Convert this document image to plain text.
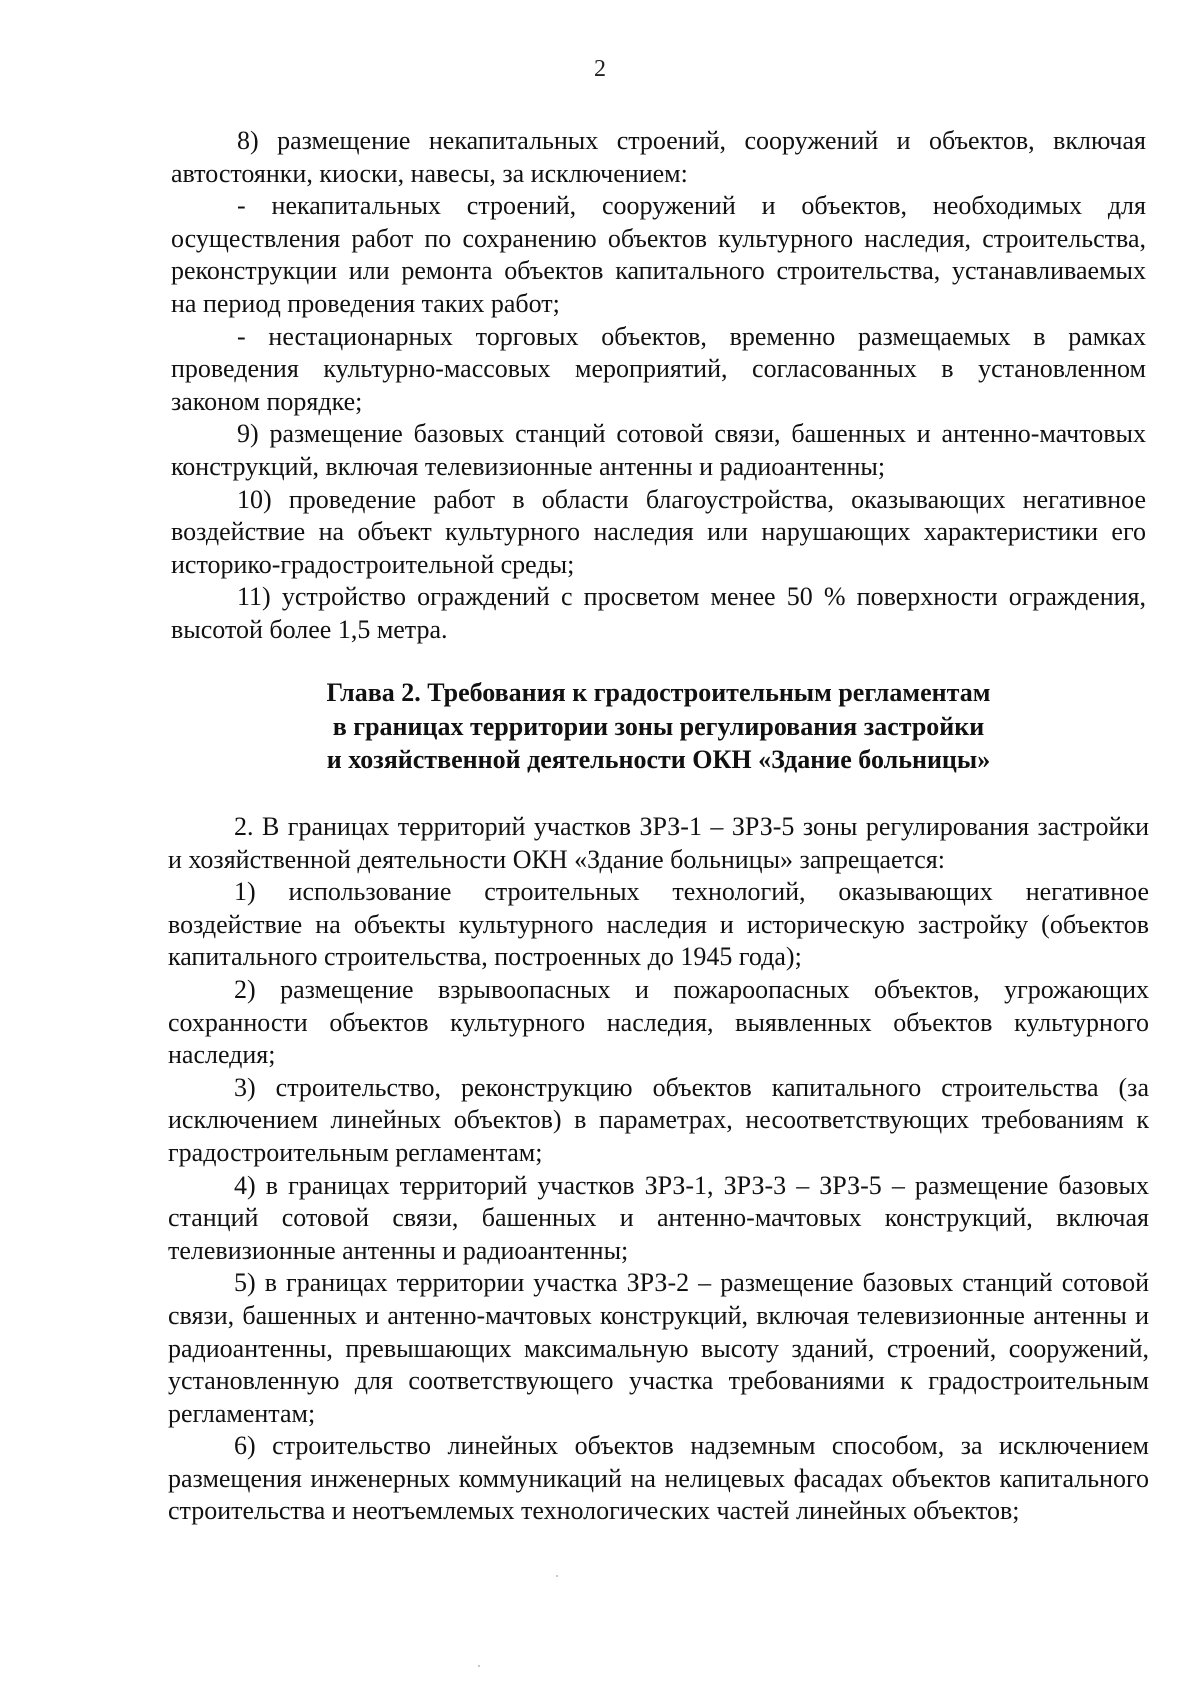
2

8) размещение некапитальных строений, сооружений и объектов, включая автостоянки, киоски, навесы, за исключением:

- некапитальных строений, сооружений и объектов, необходимых для осуществления работ по сохранению объектов культурного наследия, строительства, реконструкции или ремонта объектов капитального строительства, устанавливаемых на период проведения таких работ;

- нестационарных торговых объектов, временно размещаемых в рамках проведения культурно-массовых мероприятий, согласованных в установленном законом порядке;

9) размещение базовых станций сотовой связи, башенных и антенно-мачтовых конструкций, включая телевизионные антенны и радиоантенны;

10) проведение работ в области благоустройства, оказывающих негативное воздействие на объект культурного наследия или нарушающих характеристики его историко-градостроительной среды;

11) устройство ограждений с просветом менее 50 % поверхности ограждения, высотой более 1,5 метра.

Глава 2. Требования к градостроительным регламентам
в границах территории зоны регулирования застройки
и хозяйственной деятельности ОКН «Здание больницы»

2. В границах территорий участков ЗРЗ-1 – ЗРЗ-5 зоны регулирования застройки и хозяйственной деятельности ОКН «Здание больницы» запрещается:

1) использование строительных технологий, оказывающих негативное воздействие на объекты культурного наследия и историческую застройку (объектов капитального строительства, построенных до 1945 года);

2) размещение взрывоопасных и пожароопасных объектов, угрожающих сохранности объектов культурного наследия, выявленных объектов культурного наследия;

3) строительство, реконструкцию объектов капитального строительства (за исключением линейных объектов) в параметрах, несоответствующих требованиям к градостроительным регламентам;

4) в границах территорий участков ЗРЗ-1, ЗРЗ-3 – ЗРЗ-5 – размещение базовых станций сотовой связи, башенных и антенно-мачтовых конструкций, включая телевизионные антенны и радиоантенны;

5) в границах территории участка ЗРЗ-2 – размещение базовых станций сотовой связи, башенных и антенно-мачтовых конструкций, включая телевизионные антенны и радиоантенны, превышающих максимальную высоту зданий, строений, сооружений, установленную для соответствующего участка требованиями к градостроительным регламентам;

6) строительство линейных объектов надземным способом, за исключением размещения инженерных коммуникаций на нелицевых фасадах объектов капитального строительства и неотъемлемых технологических частей линейных объектов;
